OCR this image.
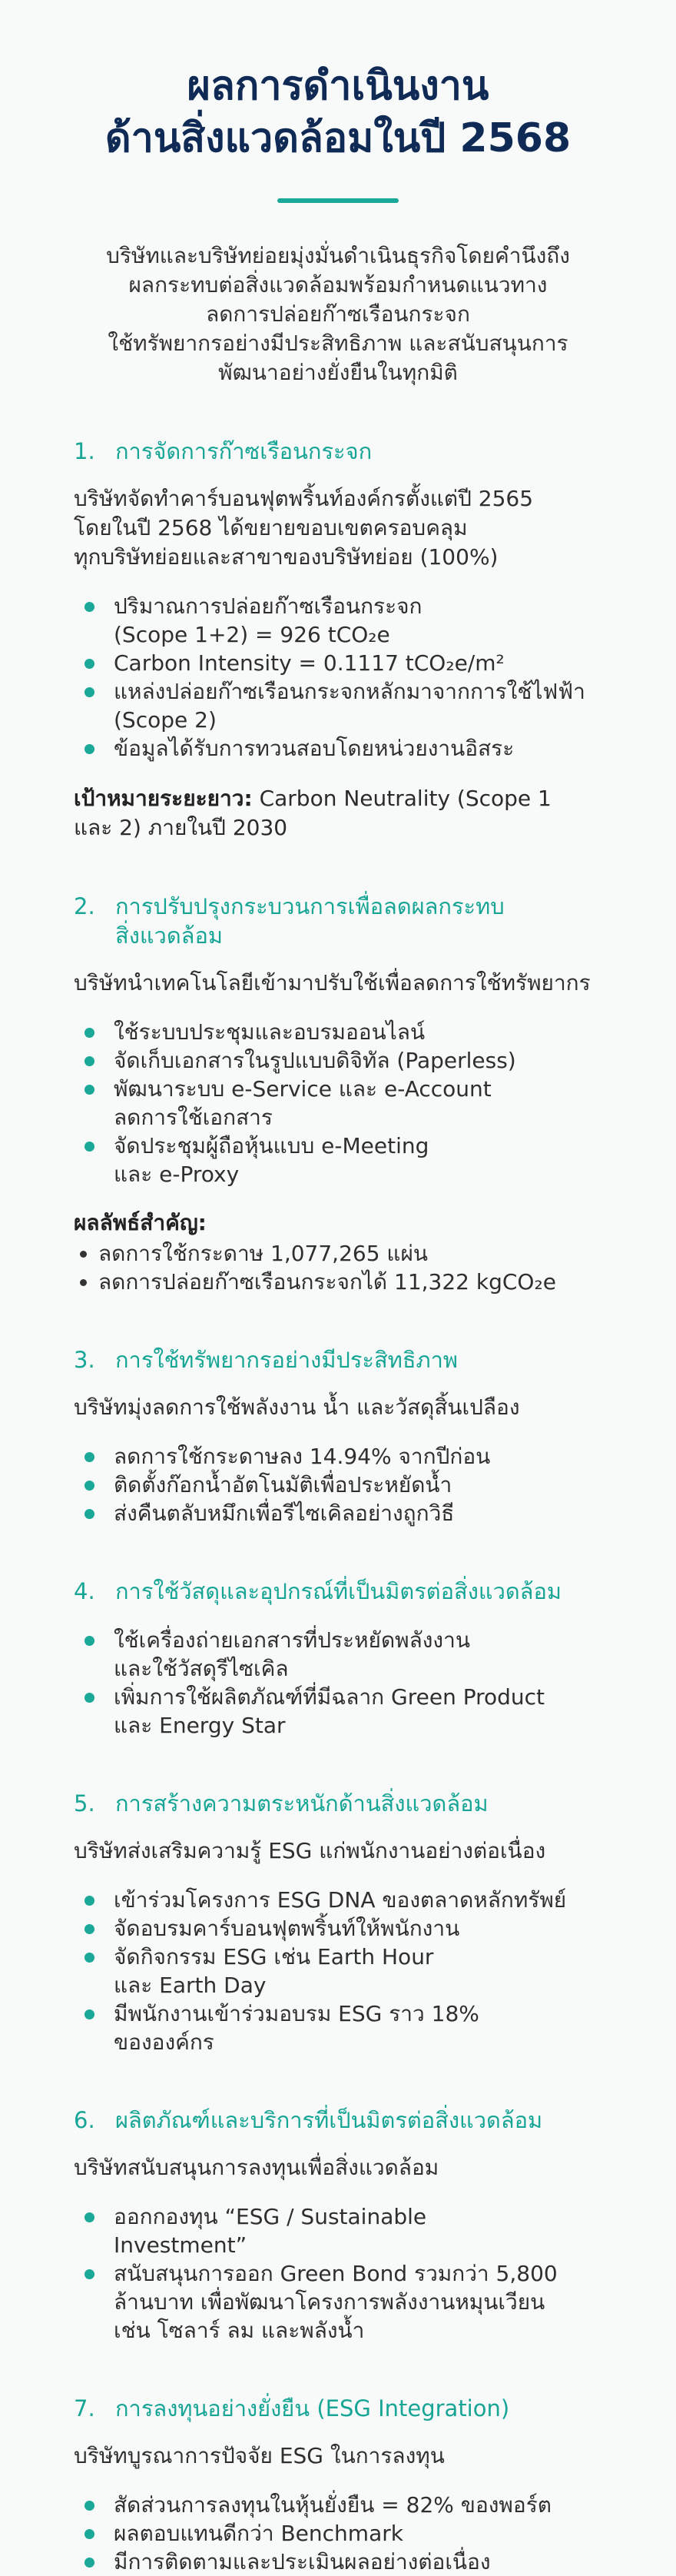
ผลการดำเนินงาน
ด้านสิ่งแวดล้อมในปี 2568

บริษัทและบริษัทย่อยมุ่งมั่นดำเนินธุรกิจโดยคำนึงถึง

ผลกระทบต่อสิ่งแวดล้อมพร้อมกำหนดแนวทาง

ลดการปล่อยก๊าซเรือนกระจก

ใช้ทรัพยากรอย่างมีประสิทธิภาพ และสนับสนุนการ

พัฒนาอย่างยั่งยืนในทุกมิติ

1. การจัดการก๊าซเรือนกระจก
บริษัทจัดทำคาร์บอนฟุตพริ้นท์องค์กรตั้งแต่ปี 2565
โดยในปี 2568 ได้ขยายขอบเขตครอบคลุม
ทุกบริษัทย่อยและสาขาของบริษัทย่อย (100%)
ปริมาณการปล่อยก๊าซเรือนกระจก
(Scope 1+2) = 926 tCO₂e
Carbon Intensity = 0.1117 tCO₂e/m²
แหล่งปล่อยก๊าซเรือนกระจกหลักมาจากการใช้ไฟฟ้า
(Scope 2)
ข้อมูลได้รับการทวนสอบโดยหน่วยงานอิสระ
เป้าหมายระยะยาว: Carbon Neutrality (Scope 1
และ 2) ภายในปี 2030
2. การปรับปรุงกระบวนการเพื่อลดผลกระทบ
สิ่งแวดล้อม
บริษัทนำเทคโนโลยีเข้ามาปรับใช้เพื่อลดการใช้ทรัพยากร
ใช้ระบบประชุมและอบรมออนไลน์
จัดเก็บเอกสารในรูปแบบดิจิทัล (Paperless)
พัฒนาระบบ e-Service และ e-Account
ลดการใช้เอกสาร
จัดประชุมผู้ถือหุ้นแบบ e-Meeting
และ e-Proxy
ผลลัพธ์สำคัญ:
ลดการใช้กระดาษ 1,077,265 แผ่น
ลดการปล่อยก๊าซเรือนกระจกได้ 11,322 kgCO₂e
3. การใช้ทรัพยากรอย่างมีประสิทธิภาพ
บริษัทมุ่งลดการใช้พลังงาน น้ำ และวัสดุสิ้นเปลือง
ลดการใช้กระดาษลง 14.94% จากปีก่อน
ติดตั้งก๊อกน้ำอัตโนมัติเพื่อประหยัดน้ำ
ส่งคืนตลับหมึกเพื่อรีไซเคิลอย่างถูกวิธี
4. การใช้วัสดุและอุปกรณ์ที่เป็นมิตรต่อสิ่งแวดล้อม
ใช้เครื่องถ่ายเอกสารที่ประหยัดพลังงาน
และใช้วัสดุรีไซเคิล
เพิ่มการใช้ผลิตภัณฑ์ที่มีฉลาก Green Product
และ Energy Star
5. การสร้างความตระหนักด้านสิ่งแวดล้อม
บริษัทส่งเสริมความรู้ ESG แก่พนักงานอย่างต่อเนื่อง
เข้าร่วมโครงการ ESG DNA ของตลาดหลักทรัพย์
จัดอบรมคาร์บอนฟุตพริ้นท์ให้พนักงาน
จัดกิจกรรม ESG เช่น Earth Hour
และ Earth Day
มีพนักงานเข้าร่วมอบรม ESG ราว 18%
ขององค์กร
6. ผลิตภัณฑ์และบริการที่เป็นมิตรต่อสิ่งแวดล้อม
บริษัทสนับสนุนการลงทุนเพื่อสิ่งแวดล้อม
ออกกองทุน “ESG / Sustainable
Investment”
สนับสนุนการออก Green Bond รวมกว่า 5,800
ล้านบาท เพื่อพัฒนาโครงการพลังงานหมุนเวียน
เช่น โซลาร์ ลม และพลังน้ำ
7. การลงทุนอย่างยั่งยืน (ESG Integration)
บริษัทบูรณาการปัจจัย ESG ในการลงทุน
สัดส่วนการลงทุนในหุ้นยั่งยืน = 82% ของพอร์ต
ผลตอบแทนดีกว่า Benchmark
มีการติดตามและประเมินผลอย่างต่อเนื่อง
